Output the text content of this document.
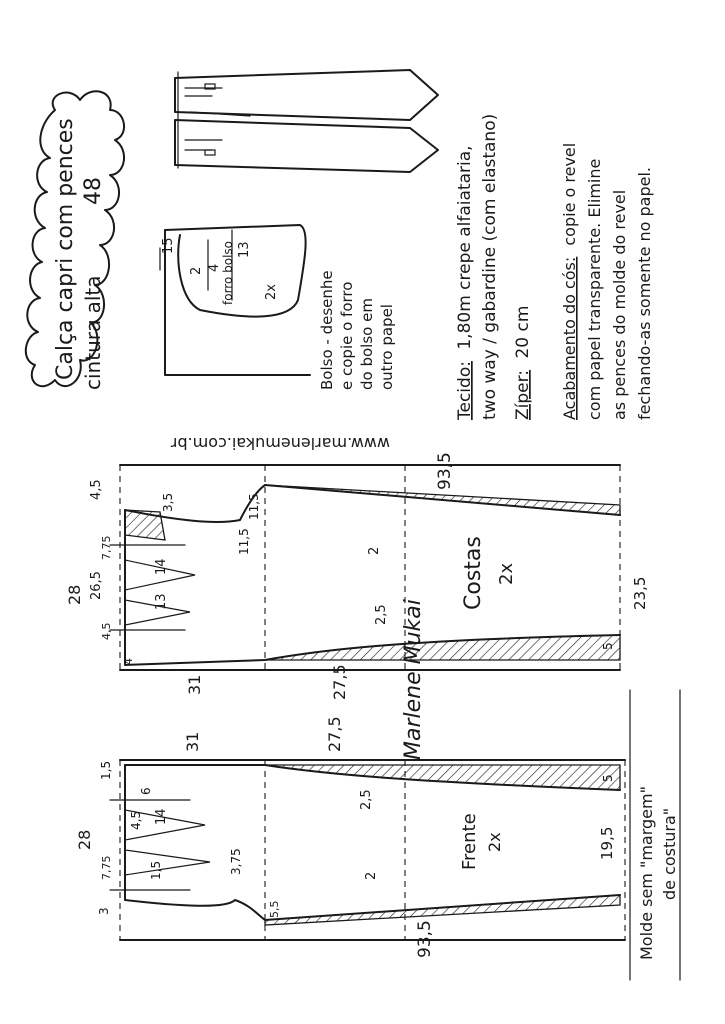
Calça capri com pences cintura alta
48
15	13
2 4 forro bolso 2x	Bolso - desenhe e copie o forro do bolso em outro papel
Tecido: 1,80m crepe alfaiataria, two way / gabardine (com elastano) Zíper: 20 cm Acabamento do cós: copie o revel com papel transparente. Elimine as pences do molde do revel fechando-as somente no papel.
www.marlenemukai.com.br
Costas 2x
93,5
31	27,5
28 26,5
14
13
7,75
4,5
4,5
3,5	11,5
11,5	2
2,5
23,5
5
4	Marlene Mukai
Frente 2x
93,5
31	27,5
28
1,5
6
14
4,5
1,5
7,75	3,75
3	5,5
2
2,5
19,5
5
Molde sem "margem" de costura"
